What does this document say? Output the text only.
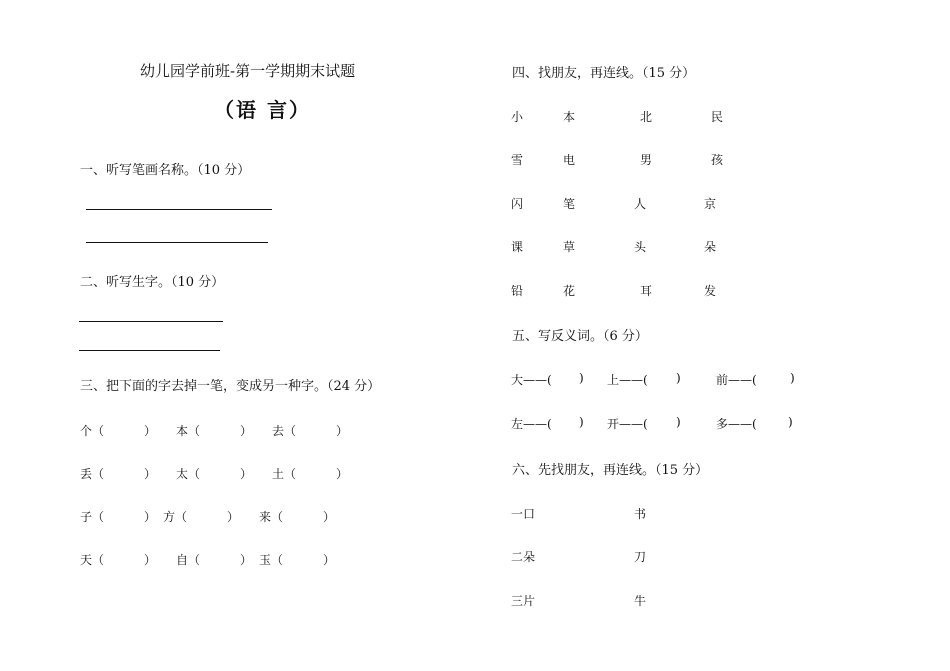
幼儿园学前班-第一学期期末试题
（语 言）
一、听写笔画名称。（10 分）
二、听写生字。（10 分）
三、把下面的字去掉一笔，变成另一种字。（24 分）
个（	） 本（	） 去（	）
丢（	） 太（	） 土（	）
子（	） 方（	） 来（	）
天（	） 自（	） 玉（	）
四、找朋友，再连线。（15 分）
小	本	北	民
雪	电	男	孩
闪	笔	人	京
课	草	头	朵
铅	花	耳	发
五、写反义词。（6 分）
大——( ) 上——( )	前——(	)
左——( ) 开——( )	多——(	)
六、先找朋友，再连线。（15 分）
一口	书
二朵	刀
三片	牛
